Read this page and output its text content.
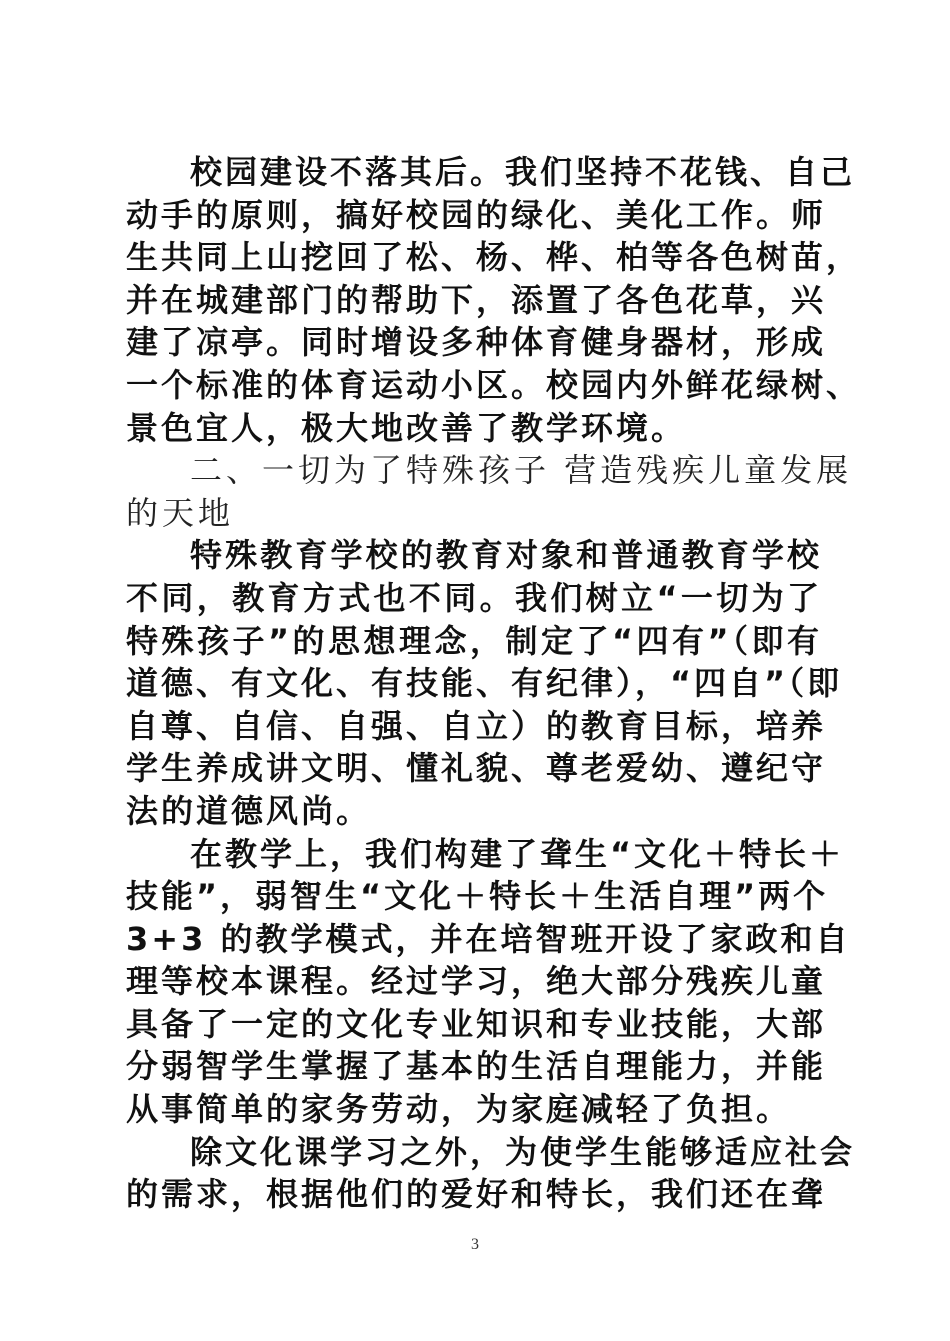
校园建设不落其后。我们坚持不花钱、自己
动手的原则，搞好校园的绿化、美化工作。师
生共同上山挖回了松、杨、桦、柏等各色树苗，
并在城建部门的帮助下，添置了各色花草，兴
建了凉亭。同时增设多种体育健身器材，形成
一个标准的体育运动小区。校园内外鲜花绿树、
景色宜人，极大地改善了教学环境。
二、一切为了特殊孩子 营造残疾儿童发展
的天地
特殊教育学校的教育对象和普通教育学校
不同，教育方式也不同。我们树立“一切为了
特殊孩子”的思想理念，制定了“四有”（即有
道德、有文化、有技能、有纪律），“四自”（即
自尊、自信、自强、自立）的教育目标，培养
学生养成讲文明、懂礼貌、尊老爱幼、遵纪守
法的道德风尚。
在教学上，我们构建了聋生“文化＋特长＋
技能”，弱智生“文化＋特长＋生活自理”两个
3+3 的教学模式，并在培智班开设了家政和自
理等校本课程。经过学习，绝大部分残疾儿童
具备了一定的文化专业知识和专业技能，大部
分弱智学生掌握了基本的生活自理能力，并能
从事简单的家务劳动，为家庭减轻了负担。
除文化课学习之外，为使学生能够适应社会
的需求，根据他们的爱好和特长，我们还在聋
3
